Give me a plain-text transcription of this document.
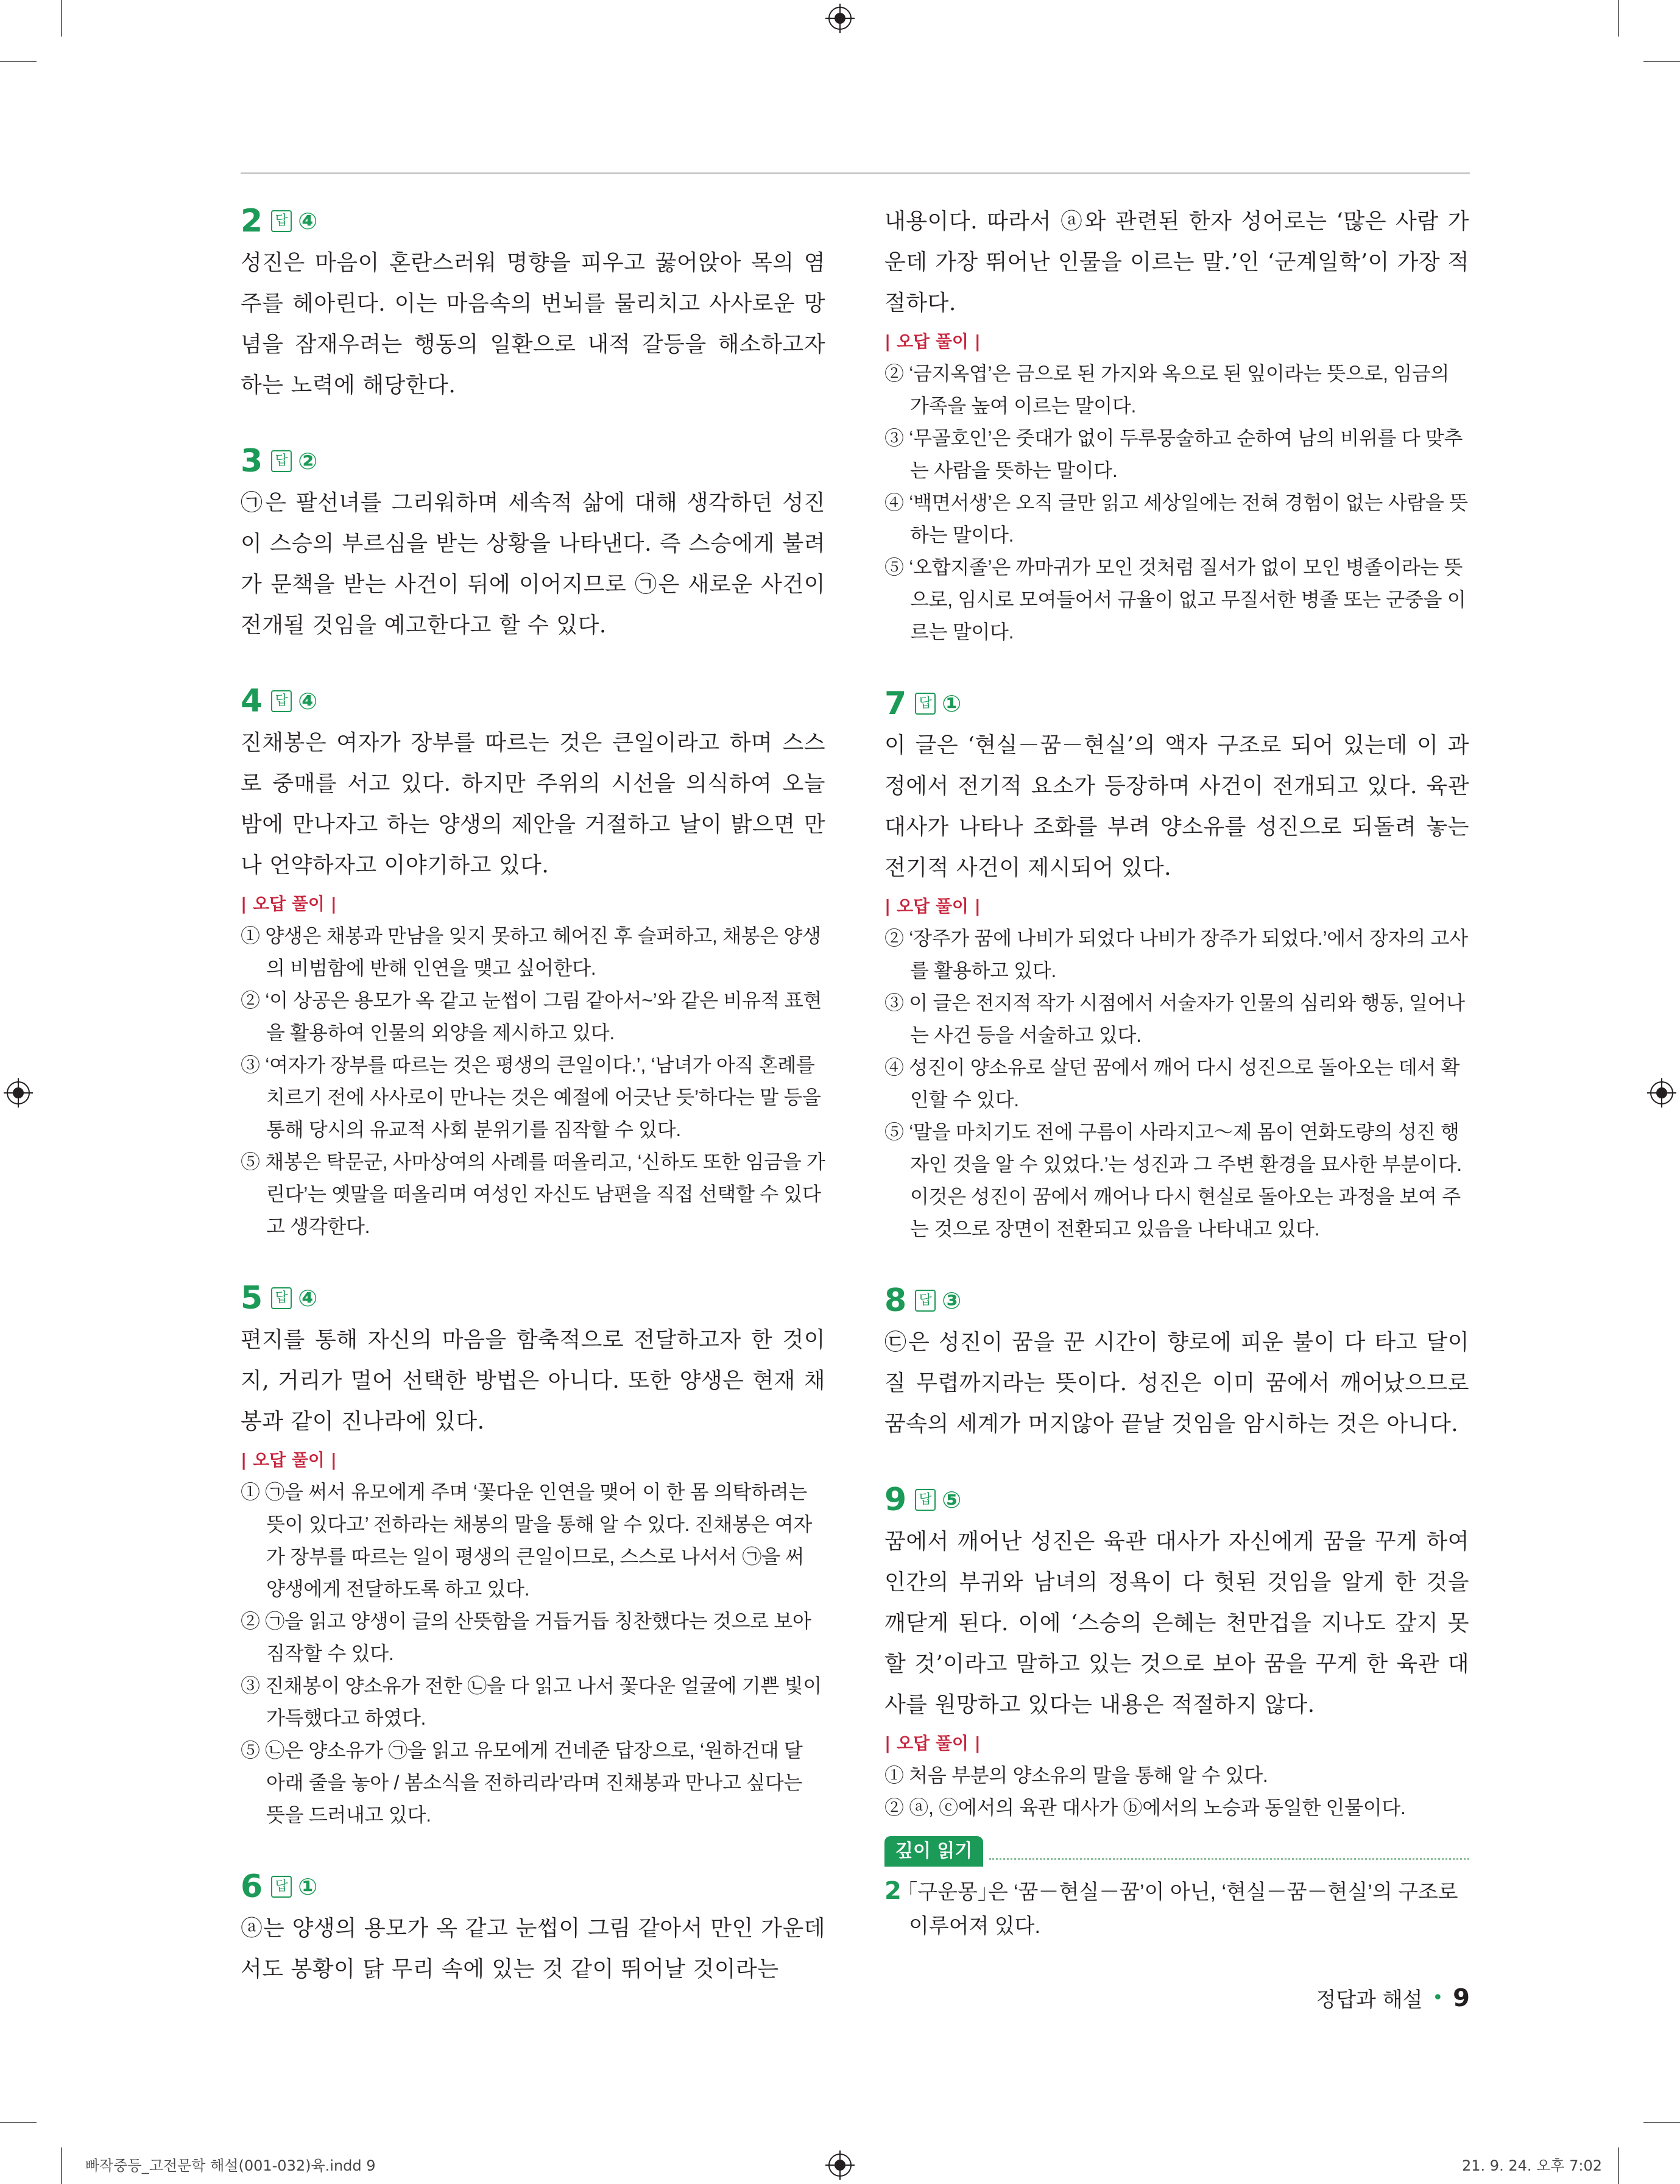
2 답 ④
성진은 마음이 혼란스러워 명향을 피우고 꿇어앉아 목의 염주를 헤아린다. 이는 마음속의 번뇌를 물리치고 사사로운 망념을 잠재우려는 행동의 일환으로 내적 갈등을 해소하고자 하는 노력에 해당한다.
3 답 ②
㉠은 팔선녀를 그리워하며 세속적 삶에 대해 생각하던 성진이 스승의 부르심을 받는 상황을 나타낸다. 즉 스승에게 불려가 문책을 받는 사건이 뒤에 이어지므로 ㉠은 새로운 사건이 전개될 것임을 예고한다고 할 수 있다.
4 답 ④
진채봉은 여자가 장부를 따르는 것은 큰일이라고 하며 스스로 중매를 서고 있다. 하지만 주위의 시선을 의식하여 오늘 밤에 만나자고 하는 양생의 제안을 거절하고 날이 밝으면 만나 언약하자고 이야기하고 있다.
| 오답 풀이 |
① 양생은 채봉과 만남을 잊지 못하고 헤어진 후 슬퍼하고, 채봉은 양생의 비범함에 반해 인연을 맺고 싶어한다.
② ‘이 상공은 용모가 옥 같고 눈썹이 그림 같아서~’와 같은 비유적 표현을 활용하여 인물의 외양을 제시하고 있다.
③ ‘여자가 장부를 따르는 것은 평생의 큰일이다.’, ‘남녀가 아직 혼례를 치르기 전에 사사로이 만나는 것은 예절에 어긋난 듯’하다는 말 등을 통해 당시의 유교적 사회 분위기를 짐작할 수 있다.
⑤ 채봉은 탁문군, 사마상여의 사례를 떠올리고, ‘신하도 또한 임금을 가린다’는 옛말을 떠올리며 여성인 자신도 남편을 직접 선택할 수 있다고 생각한다.
5 답 ④
편지를 통해 자신의 마음을 함축적으로 전달하고자 한 것이지, 거리가 멀어 선택한 방법은 아니다. 또한 양생은 현재 채봉과 같이 진나라에 있다.
| 오답 풀이 |
① ㉠을 써서 유모에게 주며 ‘꽃다운 인연을 맺어 이 한 몸 의탁하려는 뜻이 있다고’ 전하라는 채봉의 말을 통해 알 수 있다. 진채봉은 여자가 장부를 따르는 일이 평생의 큰일이므로, 스스로 나서서 ㉠을 써 양생에게 전달하도록 하고 있다.
② ㉠을 읽고 양생이 글의 산뜻함을 거듭거듭 칭찬했다는 것으로 보아 짐작할 수 있다.
③ 진채봉이 양소유가 전한 ㉡을 다 읽고 나서 꽃다운 얼굴에 기쁜 빛이 가득했다고 하였다.
⑤ ㉡은 양소유가 ㉠을 읽고 유모에게 건네준 답장으로, ‘원하건대 달 아래 줄을 놓아 / 봄소식을 전하리라’라며 진채봉과 만나고 싶다는 뜻을 드러내고 있다.
6 답 ①
ⓐ는 양생의 용모가 옥 같고 눈썹이 그림 같아서 만인 가운데서도 봉황이 닭 무리 속에 있는 것 같이 뛰어날 것이라는
내용이다. 따라서 ⓐ와 관련된 한자 성어로는 ‘많은 사람 가운데 가장 뛰어난 인물을 이르는 말.’인 ‘군계일학’이 가장 적절하다.
| 오답 풀이 |
② ‘금지옥엽’은 금으로 된 가지와 옥으로 된 잎이라는 뜻으로, 임금의 가족을 높여 이르는 말이다.
③ ‘무골호인’은 줏대가 없이 두루뭉술하고 순하여 남의 비위를 다 맞추는 사람을 뜻하는 말이다.
④ ‘백면서생’은 오직 글만 읽고 세상일에는 전혀 경험이 없는 사람을 뜻하는 말이다.
⑤ ‘오합지졸’은 까마귀가 모인 것처럼 질서가 없이 모인 병졸이라는 뜻으로, 임시로 모여들어서 규율이 없고 무질서한 병졸 또는 군중을 이르는 말이다.
7 답 ①
이 글은 ‘현실－꿈－현실’의 액자 구조로 되어 있는데 이 과정에서 전기적 요소가 등장하며 사건이 전개되고 있다. 육관대사가 나타나 조화를 부려 양소유를 성진으로 되돌려 놓는 전기적 사건이 제시되어 있다.
| 오답 풀이 |
② ‘장주가 꿈에 나비가 되었다 나비가 장주가 되었다.’에서 장자의 고사를 활용하고 있다.
③ 이 글은 전지적 작가 시점에서 서술자가 인물의 심리와 행동, 일어나는 사건 등을 서술하고 있다.
④ 성진이 양소유로 살던 꿈에서 깨어 다시 성진으로 돌아오는 데서 확인할 수 있다.
⑤ ‘말을 마치기도 전에 구름이 사라지고～제 몸이 연화도량의 성진 행자인 것을 알 수 있었다.’는 성진과 그 주변 환경을 묘사한 부분이다. 이것은 성진이 꿈에서 깨어나 다시 현실로 돌아오는 과정을 보여 주는 것으로 장면이 전환되고 있음을 나타내고 있다.
8 답 ③
㉢은 성진이 꿈을 꾼 시간이 향로에 피운 불이 다 타고 달이 질 무렵까지라는 뜻이다. 성진은 이미 꿈에서 깨어났으므로 꿈속의 세계가 머지않아 끝날 것임을 암시하는 것은 아니다.
9 답 ⑤
꿈에서 깨어난 성진은 육관 대사가 자신에게 꿈을 꾸게 하여 인간의 부귀와 남녀의 정욕이 다 헛된 것임을 알게 한 것을 깨닫게 된다. 이에 ‘스승의 은혜는 천만겁을 지나도 갚지 못할 것’이라고 말하고 있는 것으로 보아 꿈을 꾸게 한 육관 대사를 원망하고 있다는 내용은 적절하지 않다.
| 오답 풀이 |
① 처음 부분의 양소유의 말을 통해 알 수 있다.
② ⓐ, ⓒ에서의 육관 대사가 ⓑ에서의 노승과 동일한 인물이다.
깊이 읽기
2 ｢구운몽｣은 ‘꿈－현실－꿈’이 아닌, ‘현실－꿈－현실’의 구조로 이루어져 있다.
정답과 해설 • 9
빠작중등_고전문학 해설(001-032)육.indd 9	21. 9. 24. 오후 7:02
